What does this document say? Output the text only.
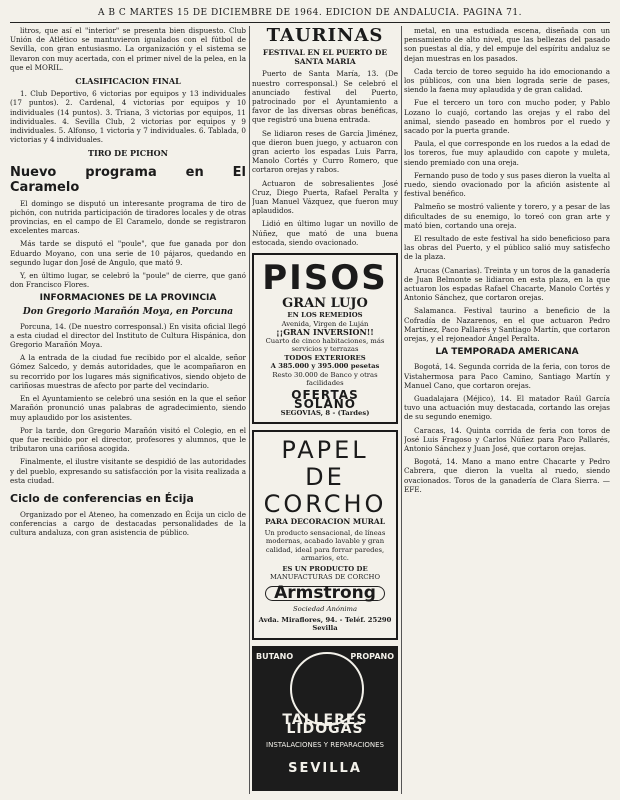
A B C MARTES 15 DE DICIEMBRE DE 1964. EDICION DE ANDALUCIA. PAGINA 71.

litros, que así el "interior" se presenta bien dispuesto. Club Unión de Atlético se mantuvieron igualados con el fútbol de Sevilla, con gran entusiasmo. La organización y el sistema se llevaron con muy acertada, con el primer nivel de la pelea, en la que el MORIL.

CLASIFICACION FINAL

1. Club Deportivo, 6 victorias por equipos y 13 individuales (17 puntos). 2. Cardenal, 4 victorias por equipos y 10 individuales (14 puntos). 3. Triana, 3 victorias por equipos, 11 individuales. 4. Sevilla Club, 2 victorias por equipos y 9 individuales. 5. Alfonso, 1 victoria y 7 individuales. 6. Tablada, 0 victorias y 4 individuales.

TIRO DE PICHON
Nuevo programa en El Caramelo

El domingo se disputó un interesante programa de tiro de pichón, con nutrida participación de tiradores locales y de otras provincias, en el campo de El Caramelo, donde se registraron excelentes marcas.

Más tarde se disputó el "poule", que fue ganada por don Eduardo Moyano, con una serie de 10 pájaros, quedando en segundo lugar don José de Angulo, que mató 9.

Y, en último lugar, se celebró la "poule" de cierre, que ganó don Francisco Flores.

INFORMACIONES DE LA PROVINCIA
Don Gregorio Marañón Moya, en Porcuna

Porcuna, 14. (De nuestro corresponsal.) En visita oficial llegó a esta ciudad el director del Instituto de Cultura Hispánica, don Gregorio Marañón Moya.

A la entrada de la ciudad fue recibido por el alcalde, señor Gómez Salcedo, y demás autoridades, que le acompañaron en su recorrido por los lugares más significativos, siendo objeto de cariñosas muestras de afecto por parte del vecindario.

En el Ayuntamiento se celebró una sesión en la que el señor Marañón pronunció unas palabras de agradecimiento, siendo muy aplaudido por los asistentes.

Por la tarde, don Gregorio Marañón visitó el Colegio, en el que fue recibido por el director, profesores y alumnos, que le tributaron una cariñosa acogida.

Finalmente, el ilustre visitante se despidió de las autoridades y del pueblo, expresando su satisfacción por la visita realizada a esta ciudad.

Ciclo de conferencias en Écija

Organizado por el Ateneo, ha comenzado en Écija un ciclo de conferencias a cargo de destacadas personalidades de la cultura andaluza, con gran asistencia de público.

TAURINAS
FESTIVAL EN EL PUERTO DE SANTA MARIA

Puerto de Santa María, 13. (De nuestro corresponsal.) Se celebró el anunciado festival del Puerto, patrocinado por el Ayuntamiento a favor de las diversas obras benéficas, que registró una buena entrada.

Se lidiaron reses de García Jiménez, que dieron buen juego, y actuaron con gran acierto los espadas Luis Parra, Manolo Cortés y Curro Romero, que cortaron orejas y rabos.

Actuaron de sobresalientes José Cruz, Diego Puerta, Rafael Peralta y Juan Manuel Vázquez, que fueron muy aplaudidos.

Lidió en último lugar un novillo de Núñez, que mató de una buena estocada, siendo ovacionado.

PISOS
GRAN LUJO
EN LOS REMEDIOS
Avenida, Virgen de Luján
¡¡GRAN INVERSION!!
Cuarto de cinco habitaciones, más servicios y terrazas
TODOS EXTERIORES
A 385.000 y 395.000 pesetas
Resto 30.000 de Banco y otras facilidades
OFERTAS SOLANO
SEGOVIAS, 8 - (Tardes)
PAPEL DE
CORCHO
PARA DECORACION MURAL
Un producto sensacional, de líneas modernas, acabado lavable y gran calidad, ideal para forrar paredes, armarios, etc.
ES UN PRODUCTO DE
MANUFACTURAS DE CORCHO
Armstrong
Sociedad Anónima
Avda. Miraflores, 94. - Teléf. 25290 Sevilla
BUTANO	PROPANO
TALLERES LIDOGAS
INSTALACIONES Y REPARACIONES
SEVILLA

metal, en una estudiada escena, diseñada con un pensamiento de alto nivel, que las bellezas del pasado son puestas al día, y del empuje del espíritu andaluz se dejan muestras en los pasados.

Cada tercio de toreo seguido ha ido emocionando a los públicos, con una bien lograda serie de pases, siendo la faena muy aplaudida y de gran calidad.

Fue el tercero un toro con mucho poder, y Pablo Lozano lo cuajó, cortando las orejas y el rabo del animal, siendo paseado en hombros por el ruedo y sacado por la puerta grande.

Paula, el que corresponde en los ruedos a la edad de los toreros, fue muy aplaudido con capote y muleta, siendo premiado con una oreja.

Fernando puso de todo y sus pases dieron la vuelta al ruedo, siendo ovacionado por la afición asistente al festival benéfico.

Palmeño se mostró valiente y torero, y a pesar de las dificultades de su enemigo, lo toreó con gran arte y mató bien, cortando una oreja.

El resultado de este festival ha sido beneficioso para las obras del Puerto, y el público salió muy satisfecho de la plaza.

Arucas (Canarias). Treinta y un toros de la ganadería de Juan Belmonte se lidiaron en esta plaza, en la que actuaron los espadas Rafael Chacarte, Manolo Cortés y Antonio Sánchez, que cortaron orejas.

Salamanca. Festival taurino a beneficio de la Cofradía de Nazarenos, en el que actuaron Pedro Martínez, Paco Pallarés y Santiago Martín, que cortaron orejas, y el rejoneador Ángel Peralta.

LA TEMPORADA AMERICANA

Bogotá, 14. Segunda corrida de la feria, con toros de Vistahermosa para Paco Camino, Santiago Martín y Manuel Cano, que cortaron orejas.

Guadalajara (Méjico), 14. El matador Raúl García tuvo una actuación muy destacada, cortando las orejas de su segundo enemigo.

Caracas, 14. Quinta corrida de feria con toros de José Luis Fragoso y Carlos Núñez para Paco Pallarés, Antonio Sánchez y Juan José, que cortaron orejas.

Bogotá, 14. Mano a mano entre Chacarte y Pedro Cabrera, que dieron la vuelta al ruedo, siendo ovacionados. Toros de la ganadería de Clara Sierra. —EFE.
